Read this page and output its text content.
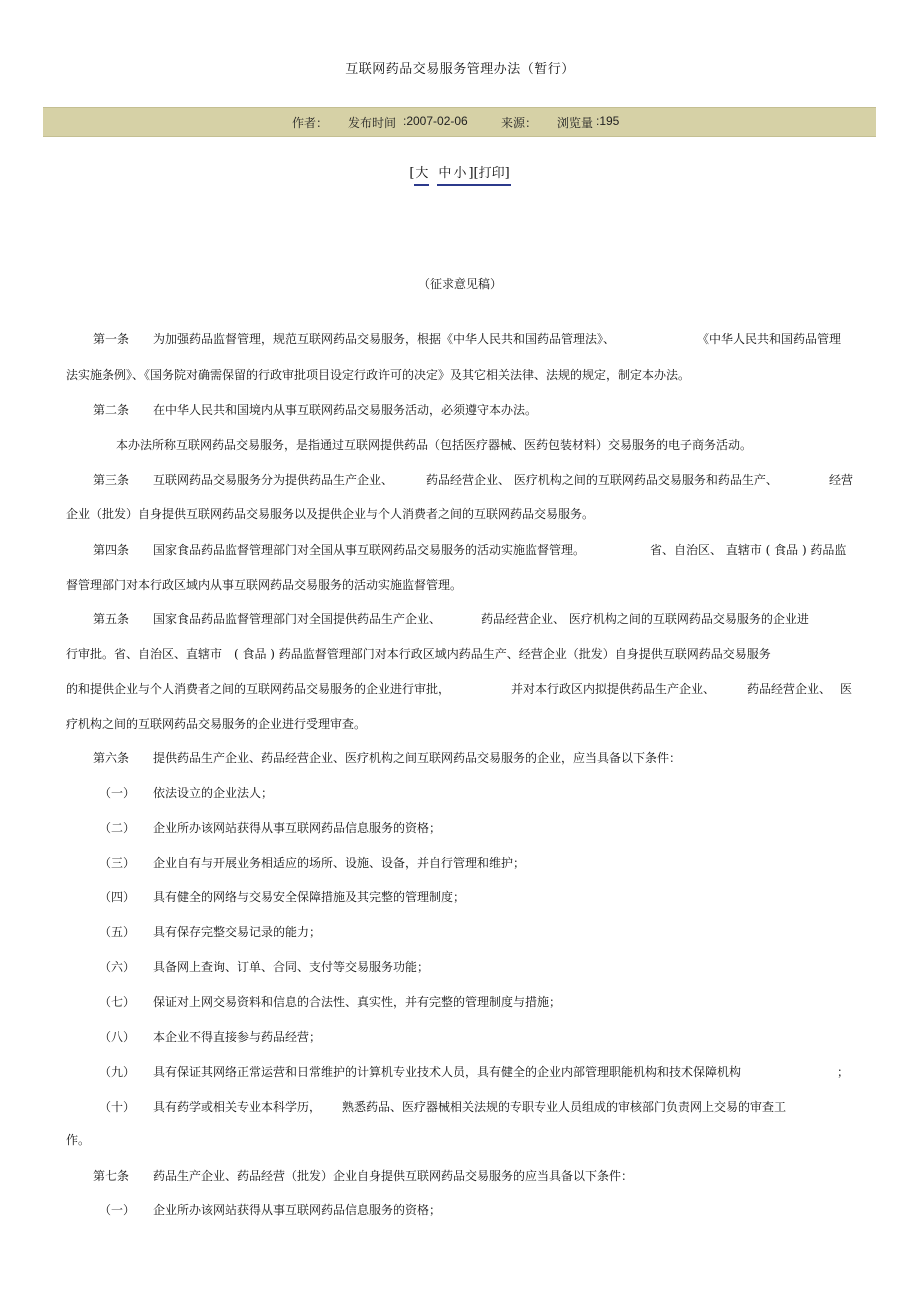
互联网药品交易服务管理办法（暂行）
作者： 发布时间 :2007-02-06	来源： 浏览量 :195
[大 中 小 ][打印]
（征求意见稿）
第一条　　为加强药品监督管理，规范互联网药品交易服务，根据《中华人民共和国药品管理法》、	《中华人民共和国药品管理
法实施条例》、《国务院对确需保留的行政审批项目设定行政许可的决定》及其它相关法律、法规的规定，制定本办法。
第二条　　在中华人民共和国境内从事互联网药品交易服务活动，必须遵守本办法。
本办法所称互联网药品交易服务，是指通过互联网提供药品（包括医疗器械、医药包装材料）交易服务的电子商务活动。
第三条　　互联网药品交易服务分为提供药品生产企业、	药品经营企业、 医疗机构之间的互联网药品交易服务和药品生产、	经营
企业（批发）自身提供互联网药品交易服务以及提供企业与个人消费者之间的互联网药品交易服务。
第四条　　国家食品药品监督管理部门对全国从事互联网药品交易服务的活动实施监督管理。	省、自治区、 直辖市 ( 食品 ) 药品监
督管理部门对本行政区域内从事互联网药品交易服务的活动实施监督管理。
第五条　　国家食品药品监督管理部门对全国提供药品生产企业、	药品经营企业、 医疗机构之间的互联网药品交易服务的企业进
行审批。省、自治区、直辖市　( 食品 ) 药品监督管理部门对本行政区域内药品生产、经营企业（批发）自身提供互联网药品交易服务
的和提供企业与个人消费者之间的互联网药品交易服务的企业进行审批，	并对本行政区内拟提供药品生产企业、	药品经营企业、 医
疗机构之间的互联网药品交易服务的企业进行受理审查。
第六条　　提供药品生产企业、药品经营企业、医疗机构之间互联网药品交易服务的企业，应当具备以下条件：
（一）　　依法设立的企业法人；
（二）　　企业所办该网站获得从事互联网药品信息服务的资格；
（三）　　企业自有与开展业务相适应的场所、设施、设备，并自行管理和维护；
（四）　　具有健全的网络与交易安全保障措施及其完整的管理制度；
（五）　　具有保存完整交易记录的能力；
（六）　　具备网上查询、订单、合同、支付等交易服务功能；
（七）　　保证对上网交易资料和信息的合法性、真实性，并有完整的管理制度与措施；
（八）　　本企业不得直接参与药品经营；
（九）　　具有保证其网络正常运营和日常维护的计算机专业技术人员，具有健全的企业内部管理职能机构和技术保障机构	；
（十）　　具有药学或相关专业本科学历， 熟悉药品、医疗器械相关法规的专职专业人员组成的审核部门负责网上交易的审查工
作。
第七条　　药品生产企业、药品经营（批发）企业自身提供互联网药品交易服务的应当具备以下条件：
（一）　　企业所办该网站获得从事互联网药品信息服务的资格；
